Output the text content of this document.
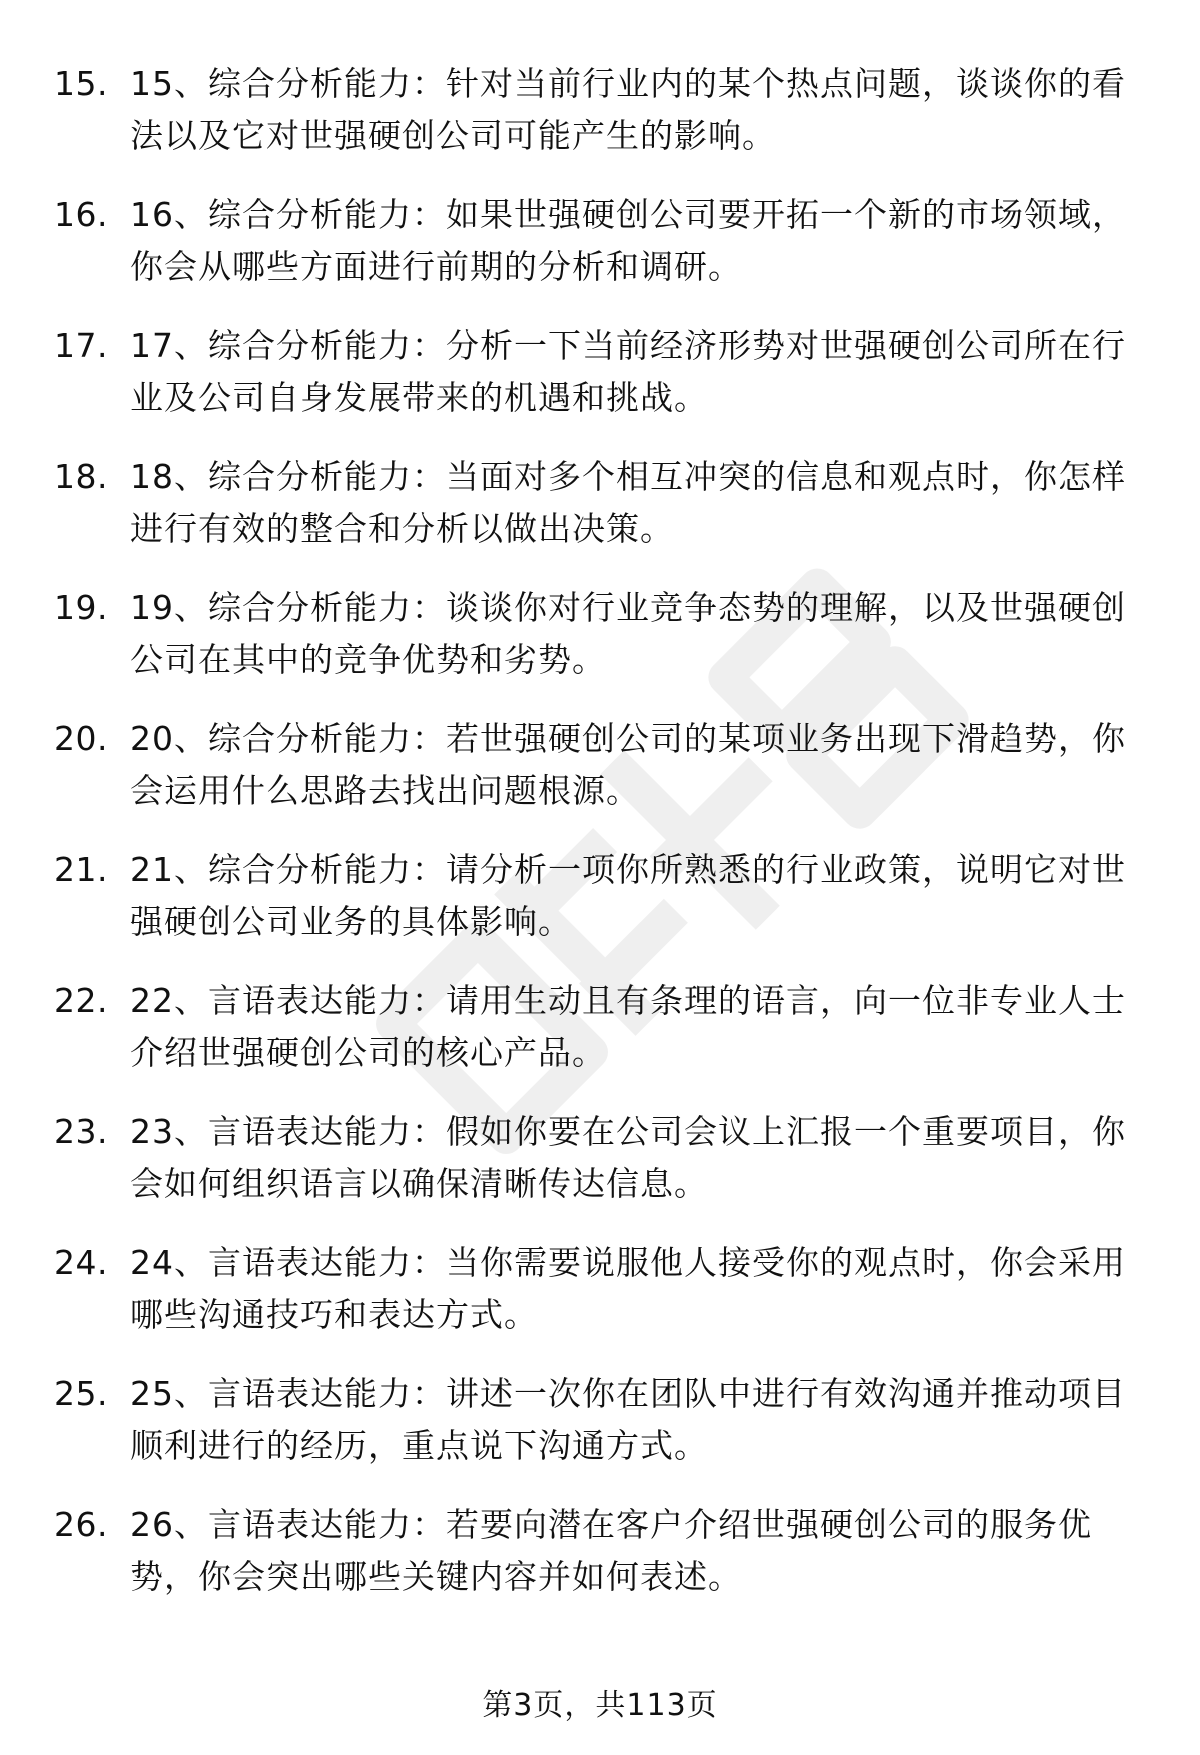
15. 15、综合分析能力：针对当前行业内的某个热点问题，谈谈你的看法以及它对世强硬创公司可能产生的影响。
16. 16、综合分析能力：如果世强硬创公司要开拓一个新的市场领域，你会从哪些方面进行前期的分析和调研。
17. 17、综合分析能力：分析一下当前经济形势对世强硬创公司所在行业及公司自身发展带来的机遇和挑战。
18. 18、综合分析能力：当面对多个相互冲突的信息和观点时，你怎样进行有效的整合和分析以做出决策。
19. 19、综合分析能力：谈谈你对行业竞争态势的理解，以及世强硬创公司在其中的竞争优势和劣势。
20. 20、综合分析能力：若世强硬创公司的某项业务出现下滑趋势，你会运用什么思路去找出问题根源。
21. 21、综合分析能力：请分析一项你所熟悉的行业政策，说明它对世强硬创公司业务的具体影响。
22. 22、言语表达能力：请用生动且有条理的语言，向一位非专业人士介绍世强硬创公司的核心产品。
23. 23、言语表达能力：假如你要在公司会议上汇报一个重要项目，你会如何组织语言以确保清晰传达信息。
24. 24、言语表达能力：当你需要说服他人接受你的观点时，你会采用哪些沟通技巧和表达方式。
25. 25、言语表达能力：讲述一次你在团队中进行有效沟通并推动项目顺利进行的经历，重点说下沟通方式。
26. 26、言语表达能力：若要向潜在客户介绍世强硬创公司的服务优势，你会突出哪些关键内容并如何表述。
第3页，共113页
